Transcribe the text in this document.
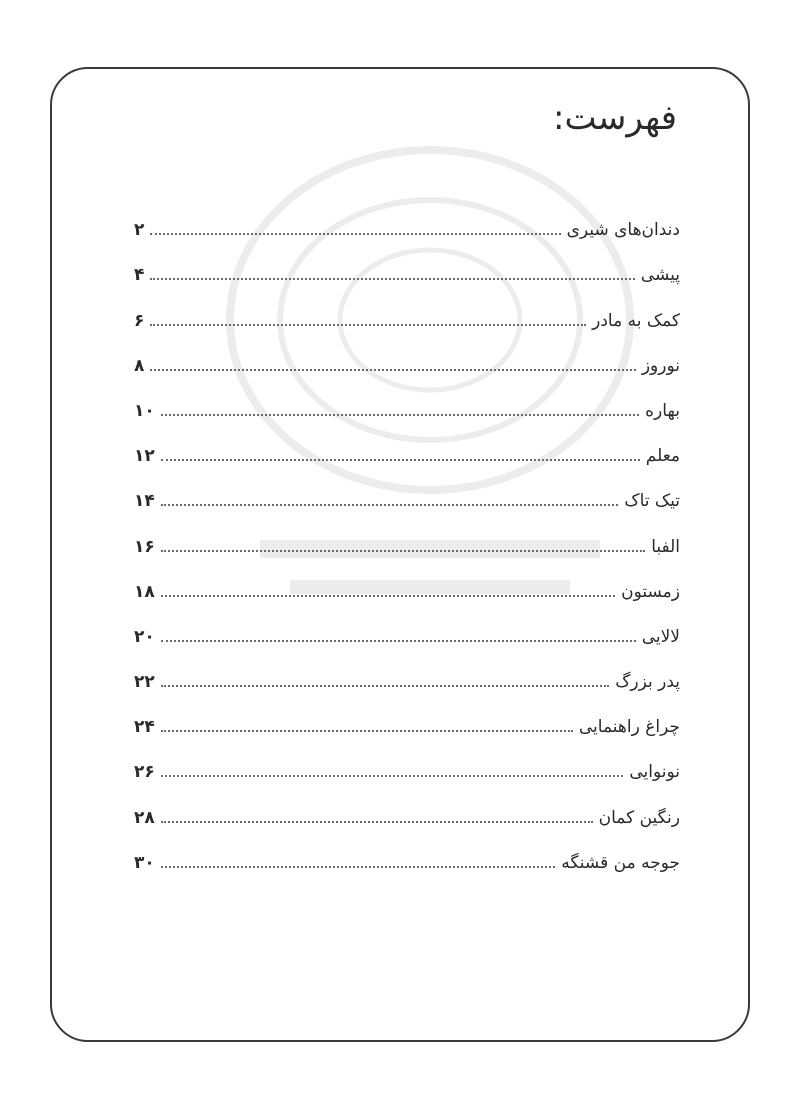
فهرست:
دندان‌های شیری
۲
پیشی
۴
کمک به مادر
۶
نوروز
۸
بهاره
۱۰
معلم
۱۲
تیک تاک
۱۴
الفبا
۱۶
زمستون
۱۸
لالایی
۲۰
پدر بزرگ
۲۲
چراغ راهنمایی
۲۴
نونوایی
۲۶
رنگین کمان
۲۸
جوجه من قشنگه
۳۰
